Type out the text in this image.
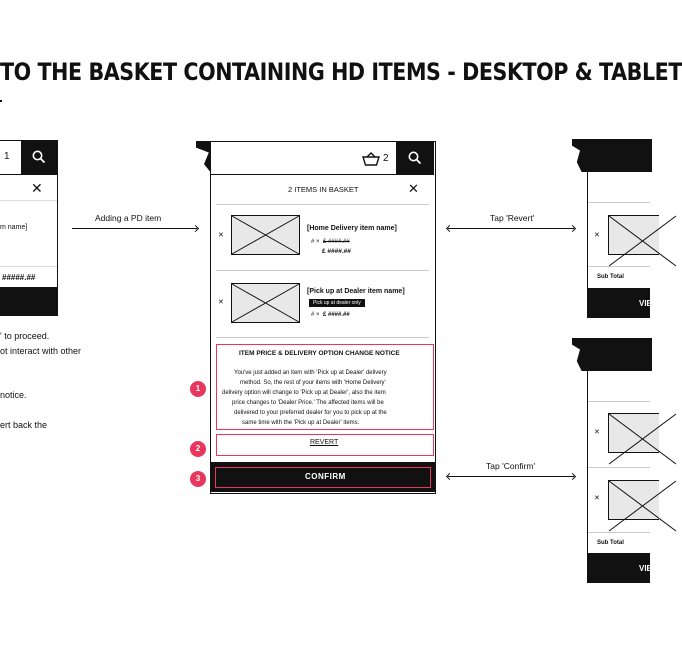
TO THE BASKET CONTAINING HD ITEMS - DESKTOP & TABLET
1
✕
m name]
#####.##
' to proceed.
ot interact with other
notice.
ert back the
Adding a PD item	Tap 'Revert'
Tap 'Confirm'
2
2 ITEMS IN BASKET	✕
✕
[Home Delivery item name]
# × £ ####.##
£ ####.##
✕
[Pick up at Dealer item name]
Pick up at dealer only
# × £ ####.##
ITEM PRICE & DELIVERY OPTION CHANGE NOTICE
You've just added an item with 'Pick up at Dealer' delivery
method. So, the rest of your items with 'Home Delivery'
delivery option will change to 'Pick up at Dealer', also the item
price changes to 'Dealer Price.' The affected items will be
delivered to your preferred dealer for you to pick up at the
same time with the 'Pick up at Dealer' items.
REVERT
CONFIRM
1
2
3
✕
Sub Total
VIE
✕
✕
Sub Total
VIE
